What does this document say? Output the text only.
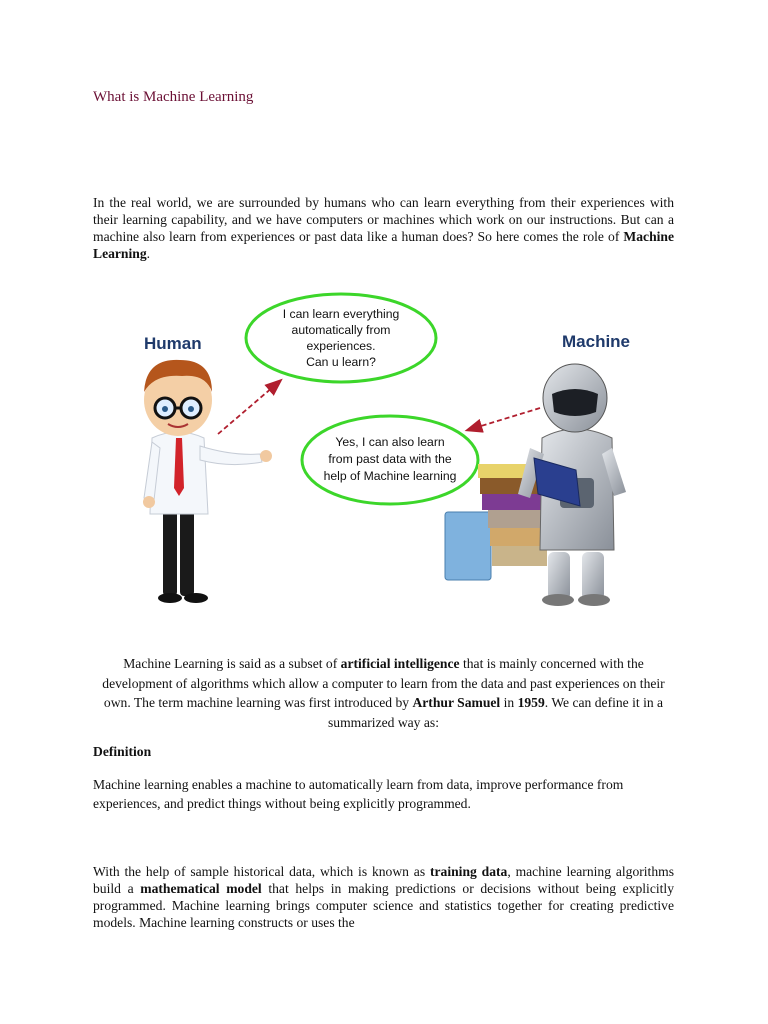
What is Machine Learning

In the real world, we are surrounded by humans who can learn everything from their experiences with their learning capability, and we have computers or machines which work on our instructions. But can a machine also learn from experiences or past data like a human does? So here comes the role of Machine Learning.

Human	Machine
I can learn everything
automatically from
experiences.
Can u learn?
Yes, I can also learn
from past data with the
help of Machine learning

Machine Learning is said as a subset of artificial intelligence that is mainly concerned with the development of algorithms which allow a computer to learn from the data and past experiences on their own. The term machine learning was first introduced by Arthur Samuel in 1959. We can define it in a summarized way as:

Definition

Machine learning enables a machine to automatically learn from data, improve performance from experiences, and predict things without being explicitly programmed.

With the help of sample historical data, which is known as training data, machine learning algorithms build a mathematical model that helps in making predictions or decisions without being explicitly programmed. Machine learning brings computer science and statistics together for creating predictive models. Machine learning constructs or uses the
